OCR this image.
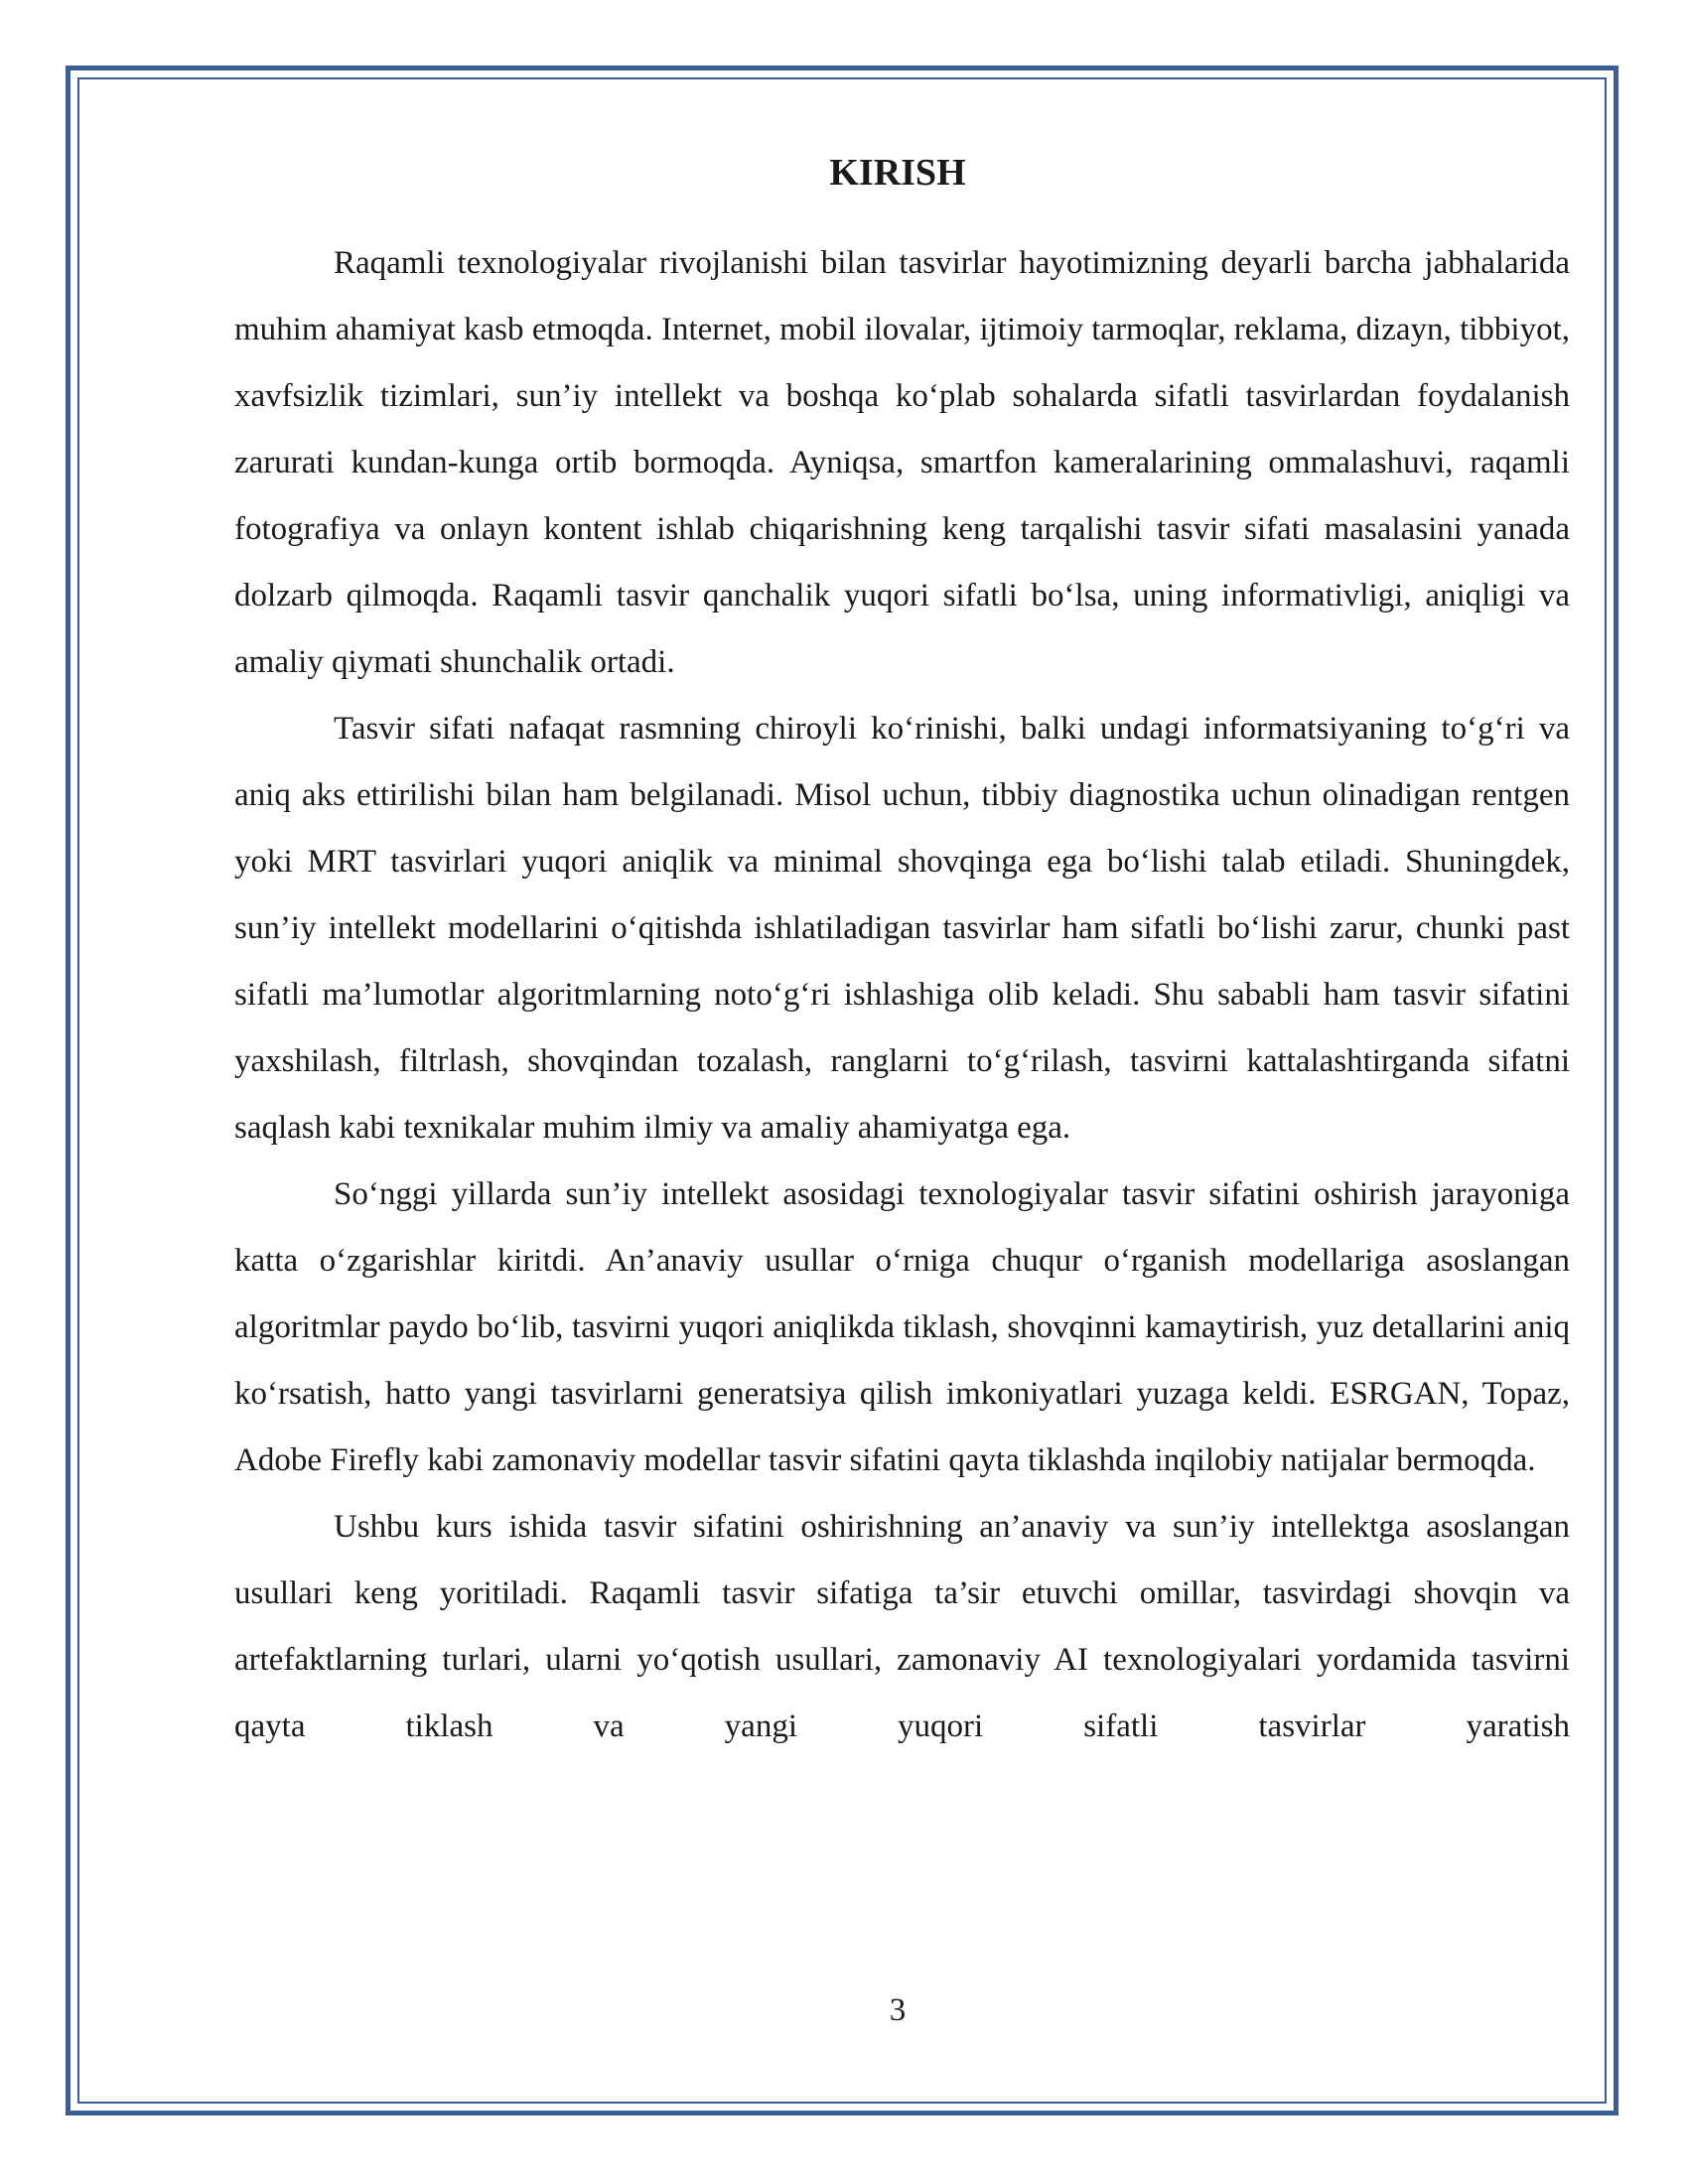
KIRISH

Raqamli texnologiyalar rivojlanishi bilan tasvirlar hayotimizning deyarli barcha jabhalarida muhim ahamiyat kasb etmoqda. Internet, mobil ilovalar, ijtimoiy tarmoqlar, reklama, dizayn, tibbiyot, xavfsizlik tizimlari, sun’iy intellekt va boshqa ko‘plab sohalarda sifatli tasvirlardan foydalanish zarurati kundan-kunga ortib bormoqda. Ayniqsa, smartfon kameralarining ommalashuvi, raqamli fotografiya va onlayn kontent ishlab chiqarishning keng tarqalishi tasvir sifati masalasini yanada dolzarb qilmoqda. Raqamli tasvir qanchalik yuqori sifatli bo‘lsa, uning informativligi, aniqligi va amaliy qiymati shunchalik ortadi.

Tasvir sifati nafaqat rasmning chiroyli ko‘rinishi, balki undagi informatsiyaning to‘g‘ri va aniq aks ettirilishi bilan ham belgilanadi. Misol uchun, tibbiy diagnostika uchun olinadigan rentgen yoki MRT tasvirlari yuqori aniqlik va minimal shovqinga ega bo‘lishi talab etiladi. Shuningdek, sun’iy intellekt modellarini o‘qitishda ishlatiladigan tasvirlar ham sifatli bo‘lishi zarur, chunki past sifatli ma’lumotlar algoritmlarning noto‘g‘ri ishlashiga olib keladi. Shu sababli ham tasvir sifatini yaxshilash, filtrlash, shovqindan tozalash, ranglarni to‘g‘rilash, tasvirni kattalashtirganda sifatni saqlash kabi texnikalar muhim ilmiy va amaliy ahamiyatga ega.

So‘nggi yillarda sun’iy intellekt asosidagi texnologiyalar tasvir sifatini oshirish jarayoniga katta o‘zgarishlar kiritdi. An’anaviy usullar o‘rniga chuqur o‘rganish modellariga asoslangan algoritmlar paydo bo‘lib, tasvirni yuqori aniqlikda tiklash, shovqinni kamaytirish, yuz detallarini aniq ko‘rsatish, hatto yangi tasvirlarni generatsiya qilish imkoniyatlari yuzaga keldi. ESRGAN, Topaz, Adobe Firefly kabi zamonaviy modellar tasvir sifatini qayta tiklashda inqilobiy natijalar bermoqda.

Ushbu kurs ishida tasvir sifatini oshirishning an’anaviy va sun’iy intellektga asoslangan usullari keng yoritiladi. Raqamli tasvir sifatiga ta’sir etuvchi omillar, tasvirdagi shovqin va artefaktlarning turlari, ularni yo‘qotish usullari, zamonaviy AI texnologiyalari yordamida tasvirni qayta tiklash va yangi yuqori sifatli tasvirlar yaratish

3
